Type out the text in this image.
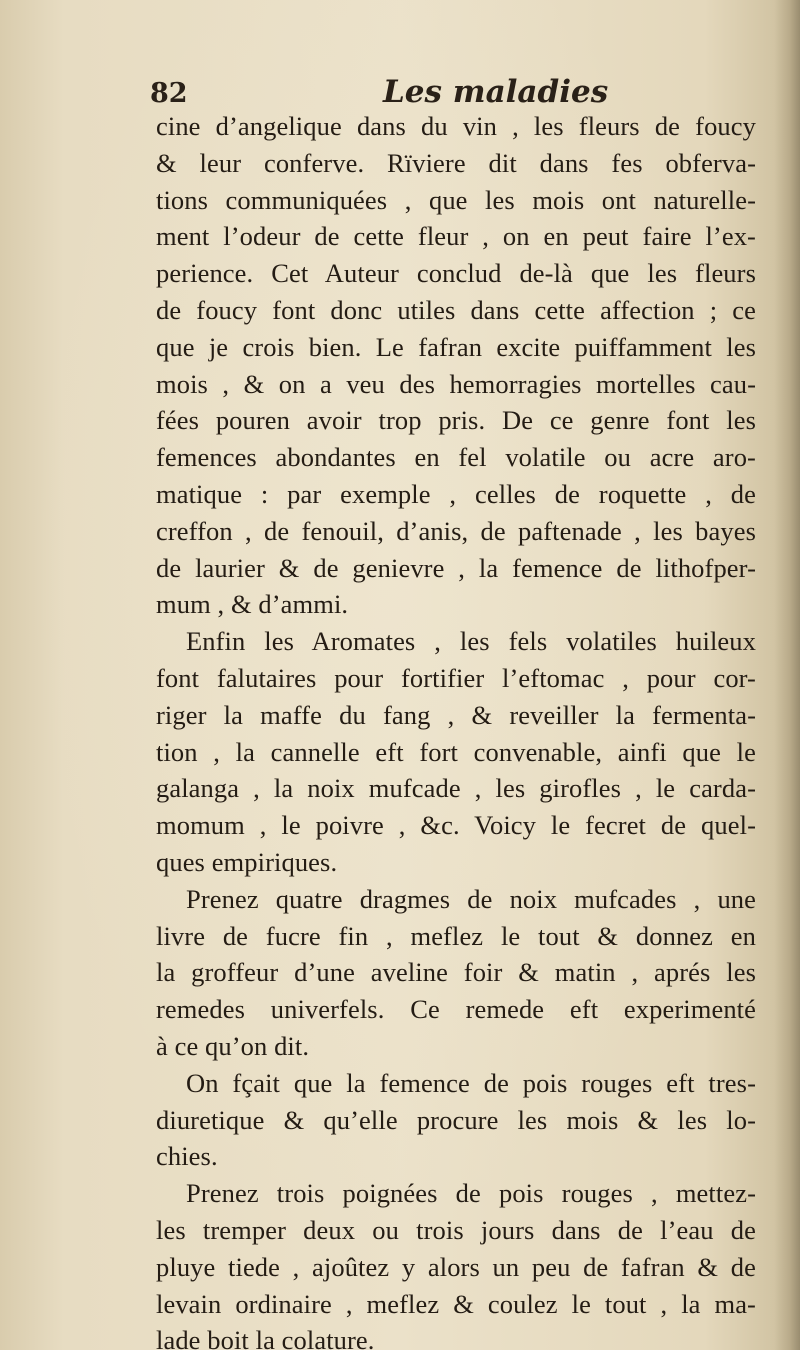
82	Les maladies
cine d’angelique dans du vin , les fleurs de foucy
& leur conferve. Rïviere dit dans fes obferva-
tions communiquées , que les mois ont naturelle-
ment l’odeur de cette fleur , on en peut faire l’ex-
perience. Cet Auteur conclud de-là que les fleurs
de foucy font donc utiles dans cette affection ; ce
que je crois bien. Le fafran excite puiffamment les
mois , & on a veu des hemorragies mortelles cau-
fées pouren avoir trop pris. De ce genre font les
femences abondantes en fel volatile ou acre aro-
matique : par exemple , celles de roquette , de
creffon , de fenouil, d’anis, de paftenade , les bayes
de laurier & de genievre , la femence de lithofper-
mum , & d’ammi.
Enfin les Aromates , les fels volatiles huileux
font falutaires pour fortifier l’eftomac , pour cor-
riger la maffe du fang , & reveiller la fermenta-
tion , la cannelle eft fort convenable, ainfi que le
galanga , la noix mufcade , les girofles , le carda-
momum , le poivre , &c. Voicy le fecret de quel-
ques empiriques.
Prenez quatre dragmes de noix mufcades , une
livre de fucre fin , meflez le tout & donnez en
la groffeur d’une aveline foir & matin , aprés les
remedes univerfels. Ce remede eft experimenté
à ce qu’on dit.
On fçait que la femence de pois rouges eft tres-
diuretique & qu’elle procure les mois & les lo-
chies.
Prenez trois poignées de pois rouges , mettez-
les tremper deux ou trois jours dans de l’eau de
pluye tiede , ajoûtez y alors un peu de fafran & de
levain ordinaire , meflez & coulez le tout , la ma-
lade boit la colature.
